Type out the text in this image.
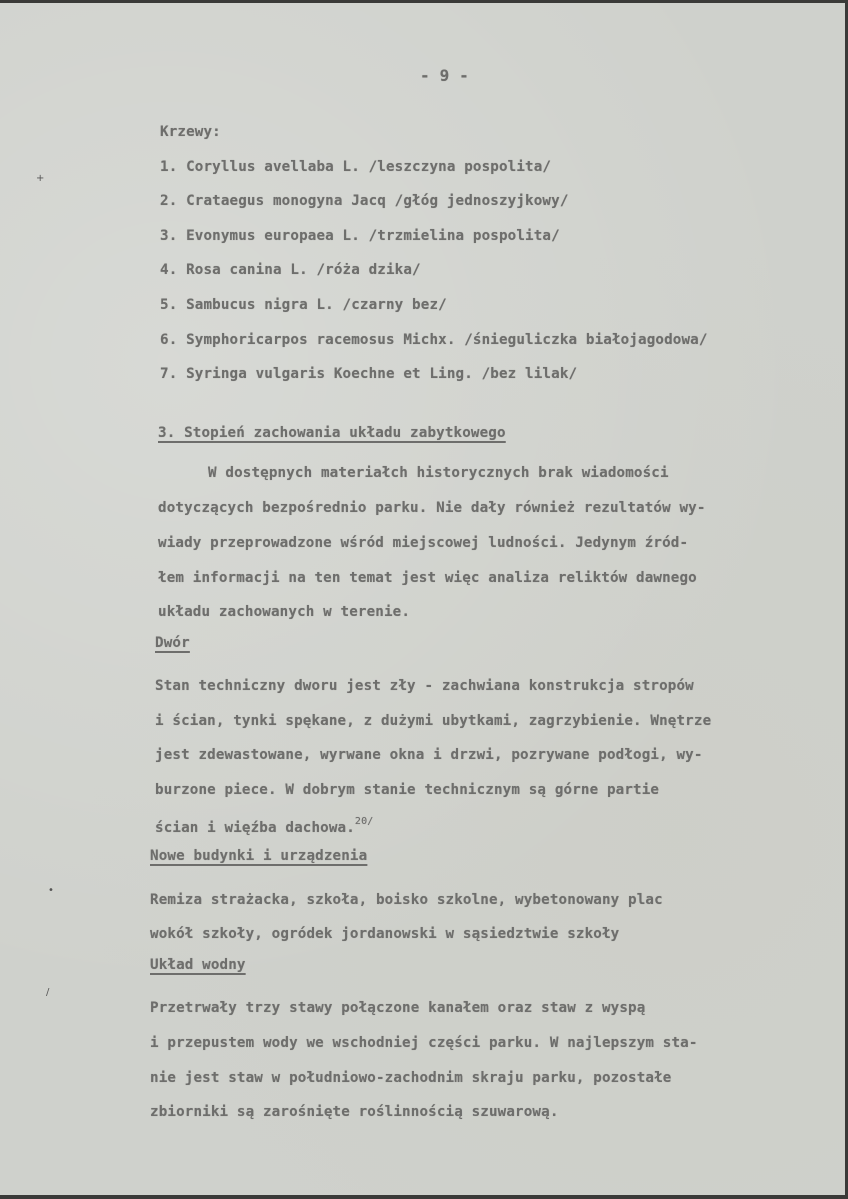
- 9 -
Krzewy:
1. Coryllus avellaba L. /leszczyna pospolita/
2. Crataegus monogyna Jacq /głóg jednoszyjkowy/
3. Evonymus europaea L. /trzmielina pospolita/
4. Rosa canina L. /róża dzika/
5. Sambucus nigra L. /czarny bez/
6. Symphoricarpos racemosus Michx. /śnieguliczka białojagodowa/
7. Syringa vulgaris Koechne et Ling. /bez lilak/
3. Stopień zachowania układu zabytkowego
W dostępnych materiałch historycznych brak wiadomości
dotyczących bezpośrednio parku. Nie dały również rezultatów wy-
wiady przeprowadzone wśród miejscowej ludności. Jedynym źród-
łem informacji na ten temat jest więc analiza reliktów dawnego
układu zachowanych w terenie.
Dwór
Stan techniczny dworu jest zły - zachwiana konstrukcja stropów
i ścian, tynki spękane, z dużymi ubytkami, zagrzybienie. Wnętrze
jest zdewastowane, wyrwane okna i drzwi, pozrywane podłogi, wy-
burzone piece. W dobrym stanie technicznym są górne partie
ścian i więźba dachowa.$^{20/}$
Nowe budynki i urządzenia
Remiza strażacka, szkoła, boisko szkolne, wybetonowany plac
wokół szkoły, ogródek jordanowski w sąsiedztwie szkoły
Układ wodny
Przetrwały trzy stawy połączone kanałem oraz staw z wyspą
i przepustem wody we wschodniej części parku. W najlepszym sta-
nie jest staw w południowo-zachodnim skraju parku, pozostałe
zbiorniki są zarośnięte roślinnością szuwarową.
+
•
/
